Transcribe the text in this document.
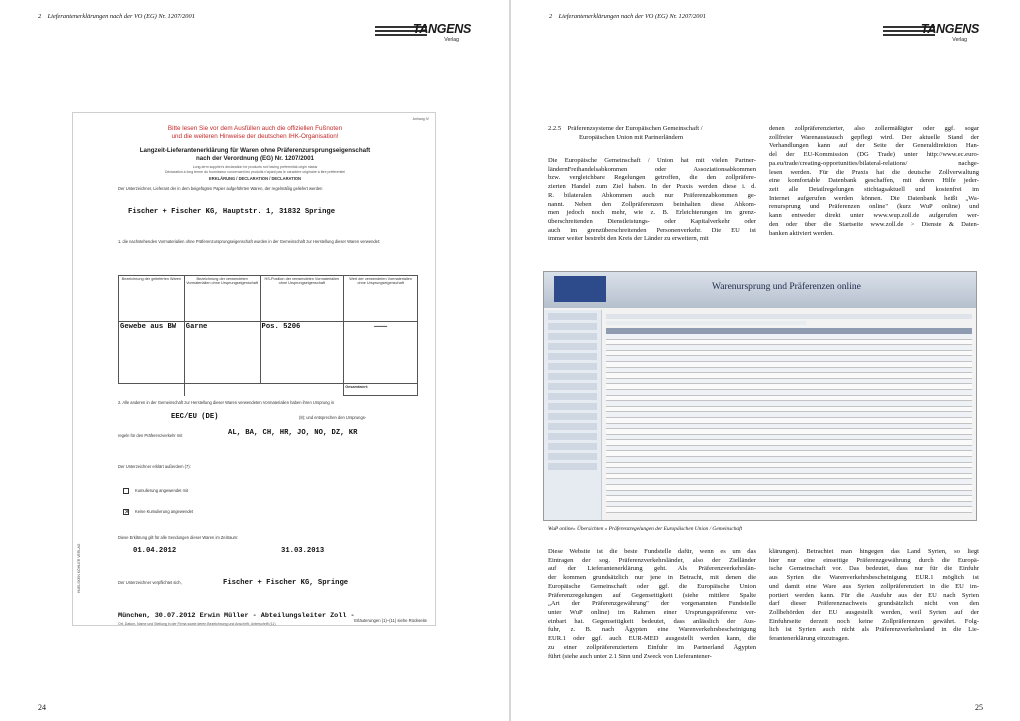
2 Lieferantenerklärungen nach der VO (EG) Nr. 1207/2001
TANGENS
Verlag
Anhang IV
Bitte lesen Sie vor dem Ausfüllen auch die offiziellen Fußnoten
und die weiteren Hinweise der deutschen IHK-Organisation!
Langzeit-Lieferantenerklärung für Waren ohne Präferenzursprungseigenschaft
nach der Verordnung (EG) Nr. 1207/2001
Long-term supplier's declaration for products not having preferential origin status
Déclaration à long terme du fournisseur concernant les produits n'ayant pas le caractère originaire à titre préférentiel
ERKLÄRUNG / DECLARATION / DECLARATION
Der Unterzeichner, Lieferant der in dem beigefügten Papier aufgeführten Waren, der regelmäßig geliefert werden
Fischer + Fischer KG, Hauptstr. 1, 31832 Springe
1. die nachstehenden Vormaterialien ohne Präferenzursprungseigenschaft wurden in der Gemeinschaft zur Herstellung dieser Waren verwendet:
Bezeichnung der gelieferten Waren	Bezeichnung der verwendeten Vormaterialien ohne Ursprungseigenschaft	HS-Position der verwendeten Vormaterialien ohne Ursprungseigenschaft	Wert der verwendeten Vormaterialien ohne Ursprungseigenschaft
Gewebe aus BW	Garne	Pos. 5206	———
			Gesamtwert:
2. Alle anderen in der Gemeinschaft zur Herstellung dieser Waren verwendeten Vormaterialien haben ihren Ursprung in
EEC/EU (DE)	(8); und entsprechen den Ursprungs-
regeln für den Präferenzverkehr mit	AL, BA, CH, HR, JO, NO, DZ, KR
Der Unterzeichner erklärt außerdem (7):
Kumulierung angewendet mit
✕ Keine Kumulierung angewendet
Diese Erklärung gilt für alle Sendungen dieser Waren im Zeitraum:
01.04.2012	31.03.2013
Der Unterzeichner verpflichtet sich,	Fischer + Fischer KG, Springe
München, 30.07.2012 Erwin Müller - Abteilungsleiter Zoll -
Ort, Datum, Name und Stellung in der Firma sowie deren Bezeichnung und Anschrift, Unterschrift (11)
Erläuterungen (1)–(11) siehe Rückseite
HUELSKEN KÖHLER VERLAG
24
2 Lieferantenerklärungen nach der VO (EG) Nr. 1207/2001
TANGENS
Verlag
2.2.5 Präferenzsysteme der Europäischen Gemeinschaft /
Europäischen Union mit Partnerländern

Die Europäische Gemeinschaft / Union hat mit vielen Partner-

ländernFreihandelsabkommen oder Assoziationsabkommen

bzw. vergleichbare Regelungen getroffen, die den zollpräfere-

zierten Handel zum Ziel haben. In der Praxis werden diese i. d.

R. bilateralen Abkommen auch nur Präferenzabkommen ge-

nannt. Neben den Zollpräferenzen beinhalten diese Abkom-

men jedoch noch mehr, wie z. B. Erleichterungen im grenz-

überschreitenden Dienstleistungs- oder Kapitalverkehr oder

auch im grenzüberschreitenden Personenverkehr. Die EU ist

immer weiter bestrebt den Kreis der Länder zu erweitern, mit

denen zollpräferenzierter, also zollermäßigter oder ggf. sogar

zollfreier Warenaustausch gepflegt wird. Der aktuelle Stand der

Verhandlungen kann auf der Seite der Generaldirektion Han-

del der EU-Kommission (DG Trade) unter http://www.ec.euro-

pa.eu/trade/creating-opportunities/bilateral-relations/ nachge-

lesen werden. Für die Praxis hat die deutsche Zollverwaltung

eine komfortable Datenbank geschaffen, mit deren Hilfe jeder-

zeit alle Detailregelungen stichtagsaktuell und kostenfrei im

Internet aufgerufen werden können. Die Datenbank heißt „Wa-

renursprung und Präferenzen online" (kurz WuP online) und

kann entweder direkt unter www.wup.zoll.de aufgerufen wer-

den oder über die Startseite www.zoll.de > Dienste & Daten-

banken aktiviert werden.

Warenursprung und Präferenzen online
WuP online» Übersichten » Präferenzregelungen der Europäischen Union / Gemeinschaft

Diese Website ist die beste Fundstelle dafür, wenn es um das

Eintragen der sog. Präferenzverkehrsländer, also der Zielländer

auf der Lieferantenerklärung geht. Als Präferenzverkehrslän-

der kommen grundsätzlich nur jene in Betracht, mit denen die

Europäische Gemeinschaft oder ggf. die Europäische Union

Präferenzregelungen auf Gegenseitigkeit (siehe mittlere Spalte

„Art der Präferenzgewährung" der vorgenannten Fundstelle

unter WuP online) im Rahmen einer Ursprungspräferenz ver-

einbart hat. Gegenseitigkeit bedeutet, dass anlässlich der Aus-

fuhr, z. B. nach Ägypten eine Warenverkehrsbescheinigung

EUR.1 oder ggf. auch EUR-MED ausgestellt werden kann, die

zu einer zollpräferenziertem Einfuhr im Partnerland Ägypten

führt (siehe auch unter 2.1 Sinn und Zweck von Lieferantener-

klärungen). Betrachtet man hingegen das Land Syrien, so liegt

hier nur eine einseitige Präferenzgewährung durch die Europä-

ische Gemeinschaft vor. Das bedeutet, dass nur für die Einfuhr

aus Syrien die Warenverkehrsbescheinigung EUR.1 möglich ist

und damit eine Ware aus Syrien zollpräferenziert in die EU im-

portiert werden kann. Für die Ausfuhr aus der EU nach Syrien

darf dieser Präferenznachweis grundsätzlich nicht von den

Zollbehörden der EU ausgestellt werden, weil Syrien auf der

Einfuhrseite derzeit noch keine Zollpräferenzen gewährt. Folg-

lich ist Syrien auch nicht als Präferenzverkehrsland in die Lie-

ferantenerklärung einzutragen.

25
